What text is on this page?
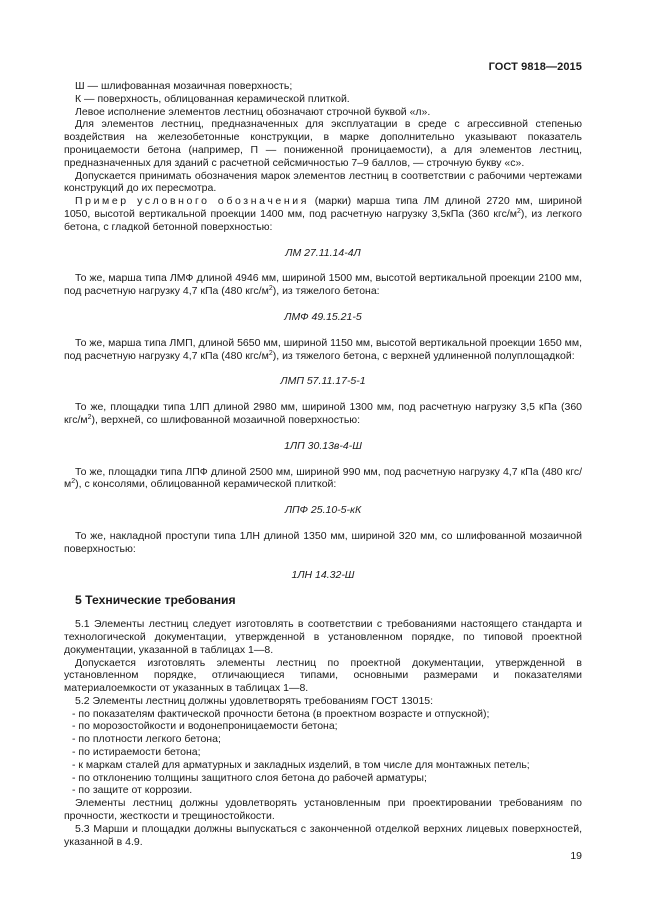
ГОСТ 9818—2015

Ш — шлифованная мозаичная поверхность;

К — поверхность, облицованная керамической плиткой.

Левое исполнение элементов лестниц обозначают строчной буквой «л».

Для элементов лестниц, предназначенных для эксплуатации в среде с агрессивной степенью воздействия на железобетонные конструкции, в марке дополнительно указывают показатель проницаемости бетона (например, П — пониженной проницаемости), а для элементов лестниц, предназначенных для зданий с расчетной сейсмичностью 7–9 баллов, — строчную букву «с».

Допускается принимать обозначения марок элементов лестниц в соответствии с рабочими чертежами конструкций до их пересмотра.

Пример условного обозначения (марки) марша типа ЛМ длиной 2720 мм, шириной 1050, высотой вертикальной проекции 1400 мм, под расчетную нагрузку 3,5кПа (360 кгс/$м^2$), из легкого бетона, с гладкой бетонной поверхностью:

ЛМ 27.11.14-4Л

То же, марша типа ЛМФ длиной 4946 мм, шириной 1500 мм, высотой вертикальной проекции 2100 мм, под расчетную нагрузку 4,7 кПа (480 кгс/$м^2$), из тяжелого бетона:

ЛМФ 49.15.21-5

То же, марша типа ЛМП, длиной 5650 мм, шириной 1150 мм, высотой вертикальной проекции 1650 мм, под расчетную нагрузку 4,7 кПа (480 кгс/$м^2$), из тяжелого бетона, с верхней удлиненной полуплощадкой:

ЛМП 57.11.17-5-1

То же, площадки типа 1ЛП длиной 2980 мм, шириной 1300 мм, под расчетную нагрузку 3,5 кПа (360 кгс/$м^2$), верхней, со шлифованной мозаичной поверхностью:

1ЛП 30.13в-4-Ш

То же, площадки типа ЛПФ длиной 2500 мм, шириной 990 мм, под расчетную нагрузку 4,7 кПа (480 кгс/$м^2$), с консолями, облицованной керамической плиткой:

ЛПФ 25.10-5-кК

То же, накладной проступи типа 1ЛН длиной 1350 мм, шириной 320 мм, со шлифованной мозаичной поверхностью:

1ЛН 14.32-Ш

5 Технические требования

5.1 Элементы лестниц следует изготовлять в соответствии с требованиями настоящего стандарта и технологической документации, утвержденной в установленном порядке, по типовой проектной документации, указанной в таблицах 1—8.

Допускается изготовлять элементы лестниц по проектной документации, утвержденной в установленном порядке, отличающиеся типами, основными размерами и показателями материалоемкости от указанных в таблицах 1—8.

5.2 Элементы лестниц должны удовлетворять требованиям ГОСТ 13015:

- по показателям фактической прочности бетона (в проектном возрасте и отпускной);

- по морозостойкости и водонепроницаемости бетона;

- по плотности легкого бетона;

- по истираемости бетона;

- к маркам сталей для арматурных и закладных изделий, в том числе для монтажных петель;

- по отклонению толщины защитного слоя бетона до рабочей арматуры;

- по защите от коррозии.

Элементы лестниц должны удовлетворять установленным при проектировании требованиям по прочности, жесткости и трещиностойкости.

5.3 Марши и площадки должны выпускаться с законченной отделкой верхних лицевых поверхностей, указанной в 4.9.

19
